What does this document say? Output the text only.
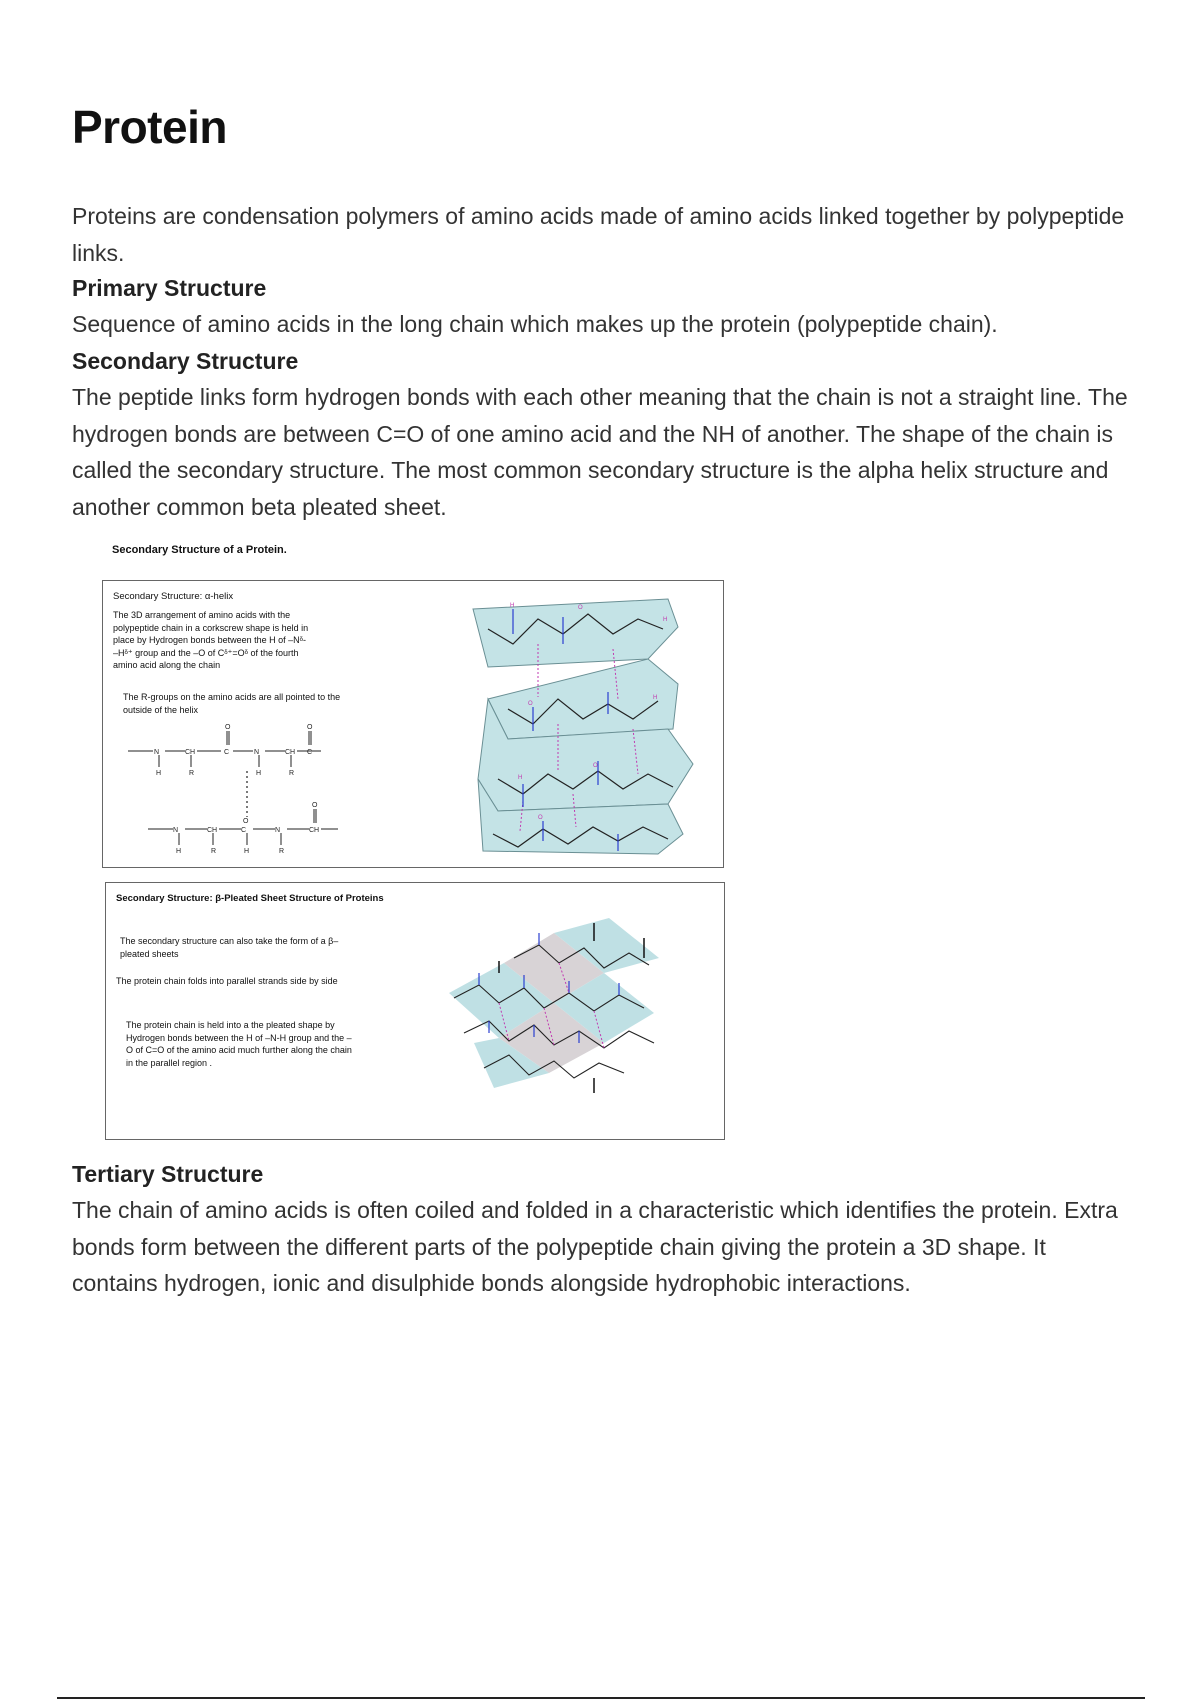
Protein

Proteins are condensation polymers of amino acids made of amino acids linked together by polypeptide links.

Primary Structure

Sequence of amino acids in the long chain which makes up the protein (polypeptide chain).

Secondary Structure

The peptide links form hydrogen bonds with each other meaning that the chain is not a straight line. The hydrogen bonds are between C=O of one amino acid and the NH of another. The shape of the chain is called the secondary structure. The most common secondary structure is the alpha helix structure and another common beta pleated sheet.

Secondary Structure of a Protein.
Secondary Structure: α-helix
The 3D arrangement of amino acids with the
polypeptide chain in a corkscrew shape is held in
place by Hydrogen bonds between the H of –Nᵟ-
–Hᵟ⁺ group and the –O of Cᵟ⁺=Oᵟ of the fourth
amino acid along the chain
The R-groups on the amino acids are all pointed to the
outside of the helix
N	CH	C	N	CH C
O	O
H	R	H	R
N	CH	C	N	CH
O
O
H	R	H	R
H	O
H
O
H
H
O
O
Secondary Structure: β-Pleated Sheet Structure of Proteins
The secondary structure can also take the form of a β–
pleated sheets
The protein chain folds into parallel strands side by side
The protein chain is held into a the pleated shape by
Hydrogen bonds between the H of –N-H group and the –
O of C=O of the amino acid much further along the chain
in the parallel region .

Tertiary Structure

The chain of amino acids is often coiled and folded in a characteristic which identifies the protein. Extra bonds form between the different parts of the polypeptide chain giving the protein a 3D shape. It contains hydrogen, ionic and disulphide bonds alongside hydrophobic interactions.
